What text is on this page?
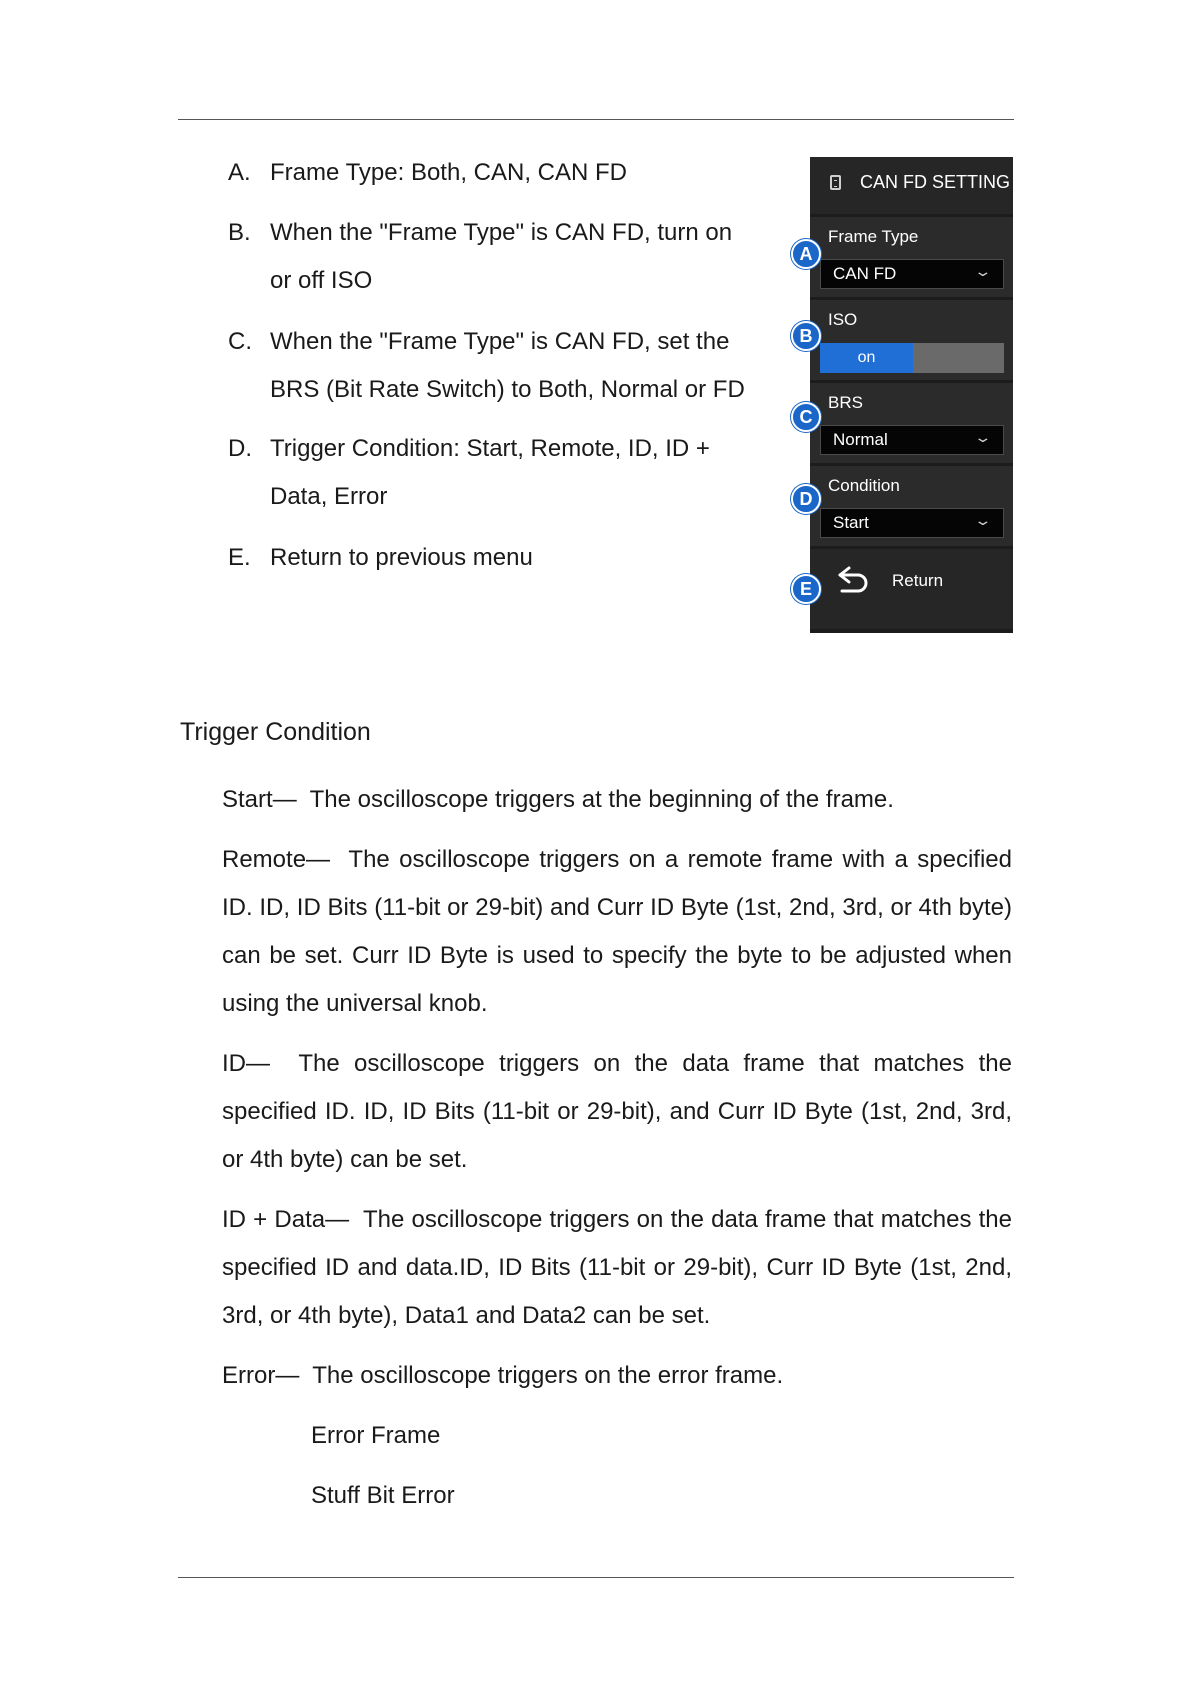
A. Frame Type: Both, CAN, CAN FD
B. When the "Frame Type" is CAN FD, turn on or off ISO
C. When the "Frame Type" is CAN FD, set the BRS (Bit Rate Switch) to Both, Normal or FD
D. Trigger Condition: Start, Remote, ID, ID + Data, Error
E. Return to previous menu
CAN FD SETTING
Frame Type
CAN FD	⌄
ISO
on
BRS
Normal	⌄
Condition
Start	⌄
Return
A
B
C
D
E
Trigger Condition
Start— The oscilloscope triggers at the beginning of the frame.
Remote— The oscilloscope triggers on a remote frame with a specified ID. ID, ID Bits (11-bit or 29-bit) and Curr ID Byte (1st, 2nd, 3rd, or 4th byte) can be set. Curr ID Byte is used to specify the byte to be adjusted when using the universal knob.
ID— The oscilloscope triggers on the data frame that matches the specified ID. ID, ID Bits (11-bit or 29-bit), and Curr ID Byte (1st, 2nd, 3rd, or 4th byte) can be set.
ID + Data— The oscilloscope triggers on the data frame that matches the specified ID and data.ID, ID Bits (11-bit or 29-bit), Curr ID Byte (1st, 2nd, 3rd, or 4th byte), Data1 and Data2 can be set.
Error— The oscilloscope triggers on the error frame.
Error Frame
Stuff Bit Error
